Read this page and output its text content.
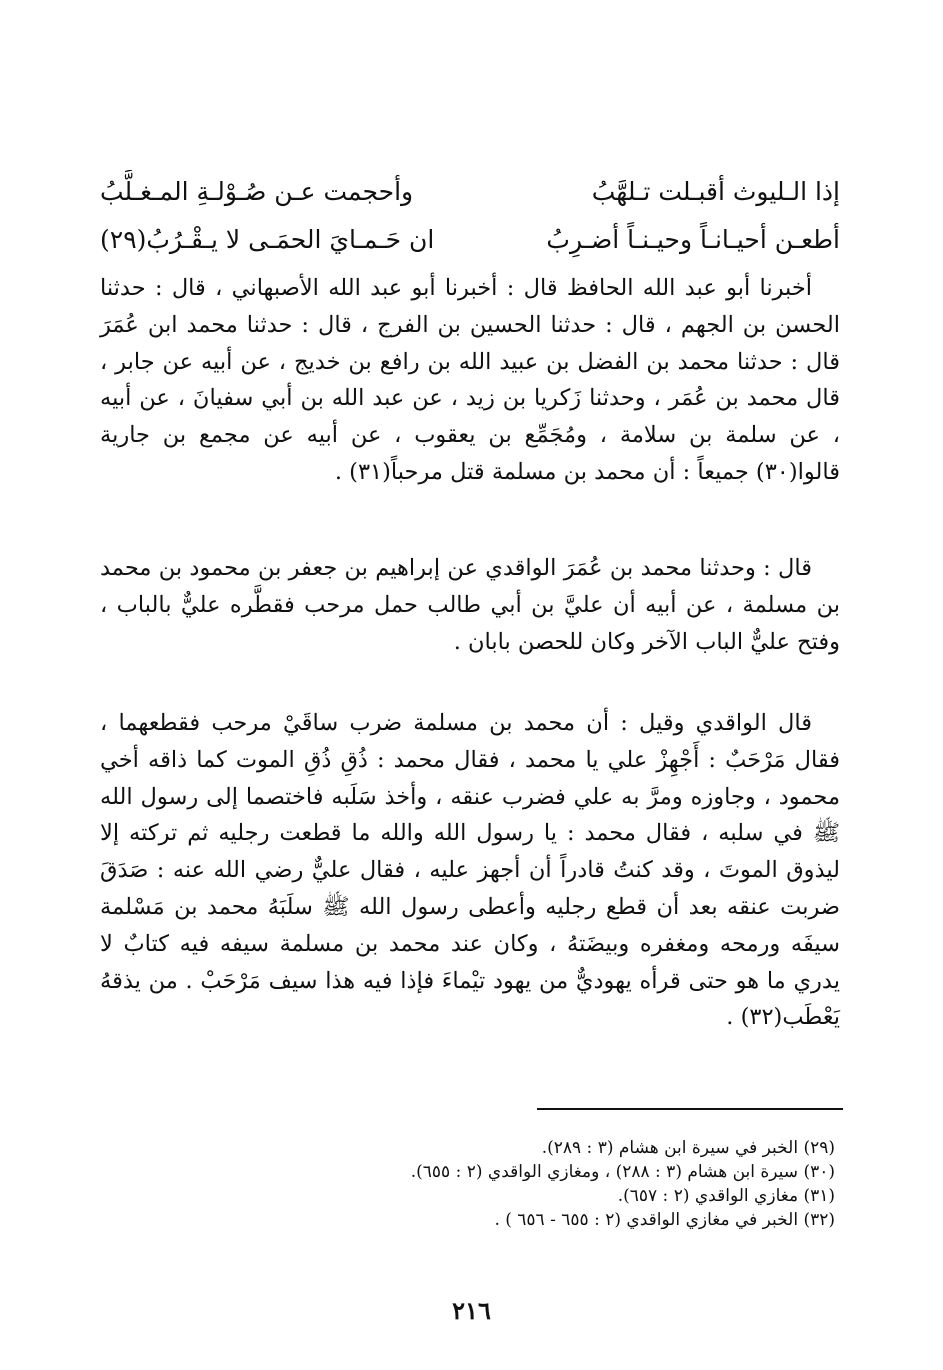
إذا الـليوث أقبـلت تـلهَّبُ
وأحجمت عـن صُـوْلـةِ المـغـلَّبُ
أطعـن أحيـانـاً وحيـنـاً أضـرِبُ
ان حَـمـايَ الحمَـى لا يـقْـرُبُ(٢٩)

أخبرنا أبو عبد الله الحافظ قال : أخبرنا أبو عبد الله الأصبهاني ، قال : حدثنا الحسن بن الجهم ، قال : حدثنا الحسين بن الفرج ، قال : حدثنا محمد ابن عُمَرَ قال : حدثنا محمد بن الفضل بن عبيد الله بن رافع بن خديج ، عن أبيه عن جابر ، قال محمد بن عُمَر ، وحدثنا زَكريا بن زيد ، عن عبد الله بن أبي سفيانَ ، عن أبيه ، عن سلمة بن سلامة ، ومُجَمِّع بن يعقوب ، عن أبيه عن مجمع بن جارية قالوا(٣٠) جميعاً : أن محمد بن مسلمة قتل مرحباً(٣١) .

قال : وحدثنا محمد بن عُمَرَ الواقدي عن إبراهيم بن جعفر بن محمود بن محمد بن مسلمة ، عن أبيه أن عليَّ بن أبي طالب حمل مرحب فقطَّره عليٌّ بالباب ، وفتح عليٌّ الباب الآخر وكان للحصن بابان .

قال الواقدي وقيل : أن محمد بن مسلمة ضرب ساقَيْ مرحب فقطعهما ، فقال مَرْحَبٌ : أَجْهِزْ علي يا محمد ، فقال محمد : ذُقِ ذُقِ الموت كما ذاقه أخي محمود ، وجاوزه ومرَّ به علي فضرب عنقه ، وأخذ سَلَبه فاختصما إلى رسول الله ﷺ في سلبه ، فقال محمد : يا رسول الله والله ما قطعت رجليه ثم تركته إلا ليذوق الموتَ ، وقد كنتُ قادراً أن أجهز عليه ، فقال عليٌّ رضي الله عنه : صَدَقَ ضربت عنقه بعد أن قطع رجليه وأعطى رسول الله ﷺ سلَبَهُ محمد بن مَسْلمة سيفَه ورمحه ومغفره وبيضَتهُ ، وكان عند محمد بن مسلمة سيفه فيه كتابٌ لا يدري ما هو حتى قرأه يهوديٌّ من يهود تيْماءَ فإذا فيه هذا سيف مَرْحَبْ . من يذقهُ يَعْطَب(٣٢) .

(٢٩) الخبر في سيرة ابن هشام (٣ : ٢٨٩).
(٣٠) سيرة ابن هشام (٣ : ٢٨٨) ، ومغازي الواقدي (٢ : ٦٥٥).
(٣١) مغازي الواقدي (٢ : ٦٥٧).
(٣٢) الخبر في مغازي الواقدي (٢ : ٦٥٥ - ٦٥٦ ) .
٢١٦
